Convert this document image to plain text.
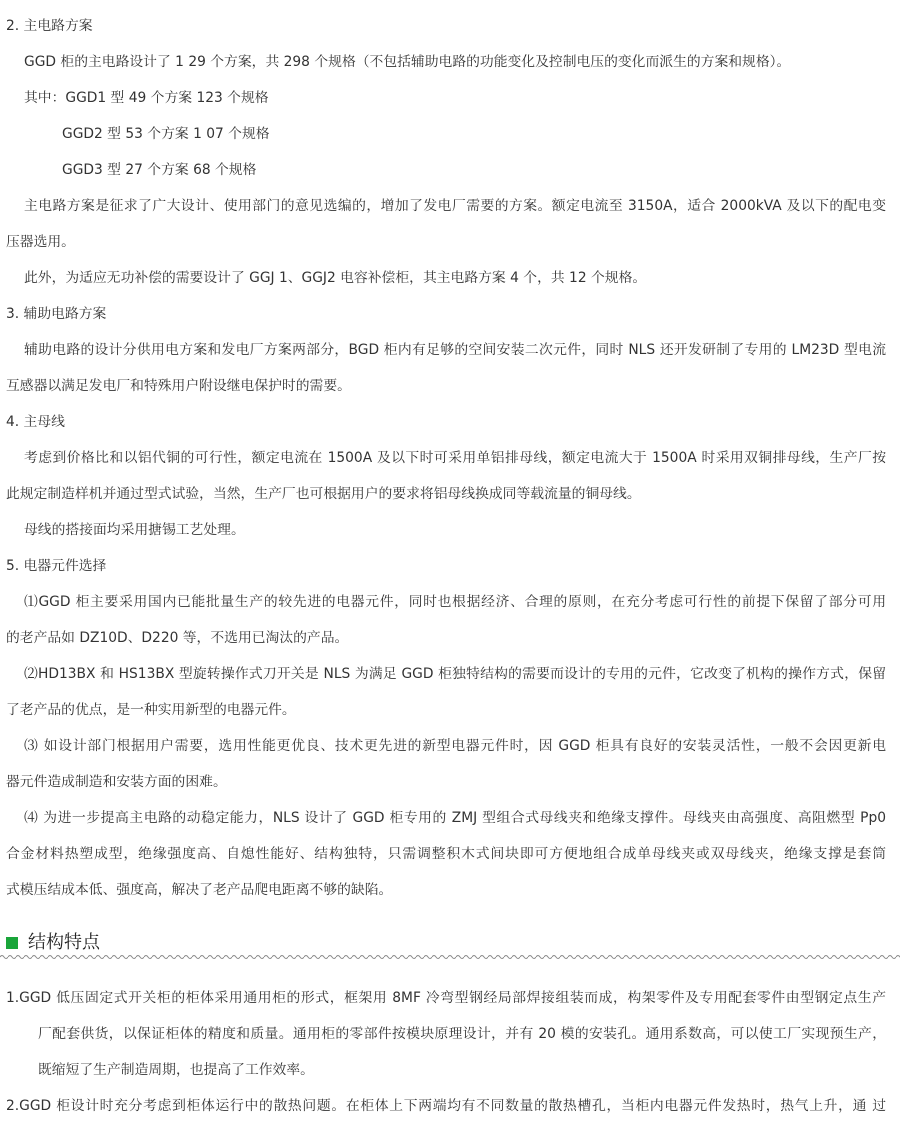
2. 主电路方案
GGD 柜的主电路设计了 1 29 个方案，共 298 个规格（不包括辅助电路的功能变化及控制电压的变化而派生的方案和规格）。
其中：GGD1 型 49 个方案 123 个规格
GGD2 型 53 个方案 1 07 个规格
GGD3 型 27 个方案 68 个规格
主电路方案是征求了广大设计、使用部门的意见选编的，增加了发电厂需要的方案。额定电流至 3150A，适合 2000kVA 及以下的配电变
压器选用。
此外，为适应无功补偿的需要设计了 GGJ 1、GGJ2 电容补偿柜，其主电路方案 4 个，共 12 个规格。
3. 辅助电路方案
辅助电路的设计分供用电方案和发电厂方案两部分，BGD 柜内有足够的空间安装二次元件，同时 NLS 还开发研制了专用的 LM23D 型电流
互感器以满足发电厂和特殊用户附设继电保护时的需要。
4. 主母线
考虑到价格比和以铝代铜的可行性，额定电流在 1500A 及以下时可采用单铝排母线，额定电流大于 1500A 时采用双铜排母线，生产厂按
此规定制造样机并通过型式试验，当然，生产厂也可根据用户的要求将铝母线换成同等载流量的铜母线。
母线的搭接面均采用搪锡工艺处理。
5. 电器元件选择
⑴GGD 柜主要采用国内已能批量生产的较先进的电器元件，同时也根据经济、合理的原则，在充分考虑可行性的前提下保留了部分可用
的老产品如 DZ10D、D220 等，不选用已淘汰的产品。
⑵HD13BX 和 HS13BX 型旋转操作式刀开关是 NLS 为满足 GGD 柜独特结构的需要而设计的专用的元件，它改变了机构的操作方式，保留
了老产品的优点，是一种实用新型的电器元件。
⑶ 如设计部门根据用户需要，选用性能更优良、技术更先进的新型电器元件时，因 GGD 柜具有良好的安装灵活性，一般不会因更新电
器元件造成制造和安装方面的困难。
⑷ 为进一步提高主电路的动稳定能力，NLS 设计了 GGD 柜专用的 ZMJ 型组合式母线夹和绝缘支撑件。母线夹由高强度、高阻燃型 Pp0
合金材料热塑成型，绝缘强度高、自熄性能好、结构独特，只需调整积木式间块即可方便地组合成单母线夹或双母线夹，绝缘支撑是套筒
式模压结成本低、强度高，解决了老产品爬电距离不够的缺陷。
结构特点
1.GGD 低压固定式开关柜的柜体采用通用柜的形式，框架用 8MF 冷弯型钢经局部焊接组装而成，构架零件及专用配套零件由型钢定点生产
厂配套供货，以保证柜体的精度和质量。通用柜的零部件按模块原理设计，并有 20 模的安装孔。通用系数高，可以使工厂实现预生产，
既缩短了生产制造周期，也提高了工作效率。
2.GGD 柜设计时充分考虑到柜体运行中的散热问题。在柜体上下两端均有不同数量的散热槽孔，当柜内电器元件发热时，热气上升，通 过
